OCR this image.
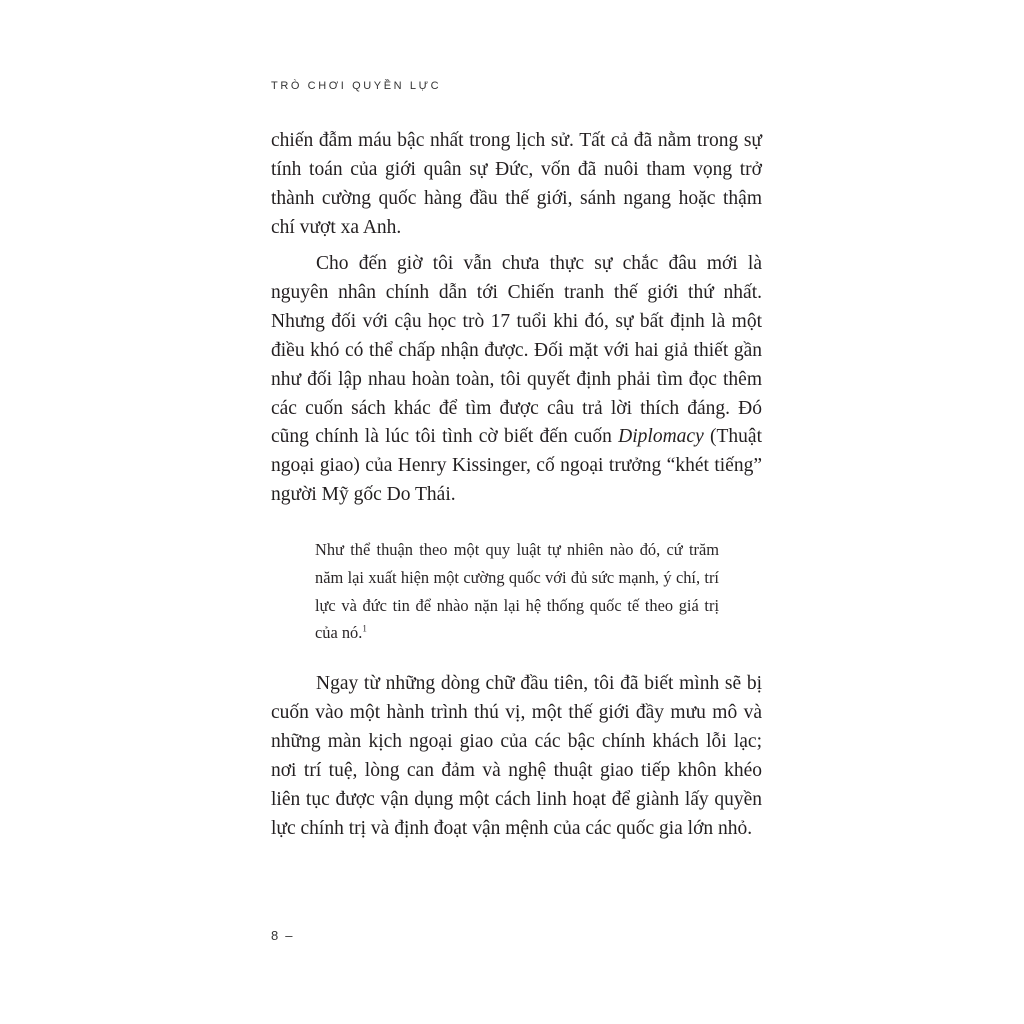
TRÒ CHƠI QUYỀN LỰC

chiến đẫm máu bậc nhất trong lịch sử. Tất cả đã nằm trong sự tính toán của giới quân sự Đức, vốn đã nuôi tham vọng trở thành cường quốc hàng đầu thế giới, sánh ngang hoặc thậm chí vượt xa Anh.

Cho đến giờ tôi vẫn chưa thực sự chắc đâu mới là nguyên nhân chính dẫn tới Chiến tranh thế giới thứ nhất. Nhưng đối với cậu học trò 17 tuổi khi đó, sự bất định là một điều khó có thể chấp nhận được. Đối mặt với hai giả thiết gần như đối lập nhau hoàn toàn, tôi quyết định phải tìm đọc thêm các cuốn sách khác để tìm được câu trả lời thích đáng. Đó cũng chính là lúc tôi tình cờ biết đến cuốn Diplomacy (Thuật ngoại giao) của Henry Kissinger, cố ngoại trưởng “khét tiếng” người Mỹ gốc Do Thái.

Như thể thuận theo một quy luật tự nhiên nào đó, cứ trăm năm lại xuất hiện một cường quốc với đủ sức mạnh, ý chí, trí lực và đức tin để nhào nặn lại hệ thống quốc tế theo giá trị của nó.$^1$

Ngay từ những dòng chữ đầu tiên, tôi đã biết mình sẽ bị cuốn vào một hành trình thú vị, một thế giới đầy mưu mô và những màn kịch ngoại giao của các bậc chính khách lỗi lạc; nơi trí tuệ, lòng can đảm và nghệ thuật giao tiếp khôn khéo liên tục được vận dụng một cách linh hoạt để giành lấy quyền lực chính trị và định đoạt vận mệnh của các quốc gia lớn nhỏ.

8 –
